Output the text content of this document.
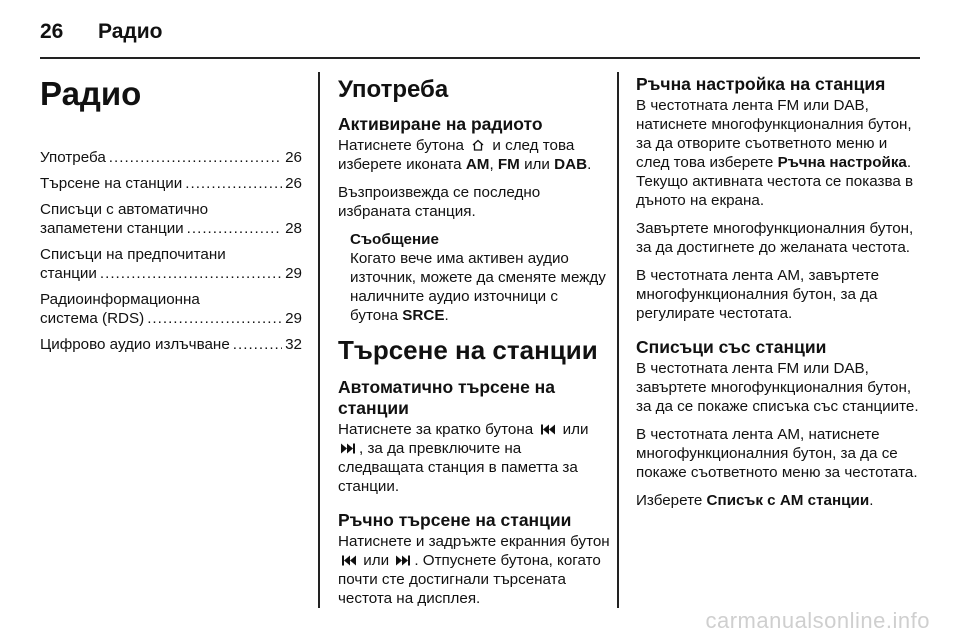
26 Радио
Радио
Употреба .....	26
Търсене на станции .....	26
Списъци с автоматично
запаметени станции .....	28
Списъци на предпочитани
станции .....	29
Радиоинформационна
система (RDS) .....	29
Цифрово аудио излъчване .....	32
Употреба
Активиране на радиото

Натиснете бутона и след това изберете иконата AM, FM или DAB.

Възпроизвежда се последно избраната станция.

Съобщение

Когато вече има активен аудио източник, можете да сменяте между наличните аудио източници с бутона SRCE.

Търсене на станции
Автоматично търсене на станции

Натиснете за кратко бутона или , за да превключите на следващата станция в паметта за станции.

Ръчно търсене на станции

Натиснете и задръжте екранния бутон  или . Отпуснете бутона, когато почти сте достигнали търсената честота на дисплея.

Ръчна настройка на станция

В честотната лента FM или DAB, натиснете многофункционалния бутон, за да отворите съответното меню и след това изберете Ръчна настройка. Текущо активната честота се показва в дъното на екрана.

Завъртете многофункционалния бутон, за да достигнете до желаната честота.

В честотната лента AM, завъртете многофункционалния бутон, за да регулирате честотата.

Списъци със станции

В честотната лента FM или DAB, завъртете многофункционалния бутон, за да се покаже списъка със станциите.

В честотната лента AM, натиснете многофункционалния бутон, за да се покаже съответното меню за честотата.

Изберете Списък с AM станции.

carmanualsonline.info
